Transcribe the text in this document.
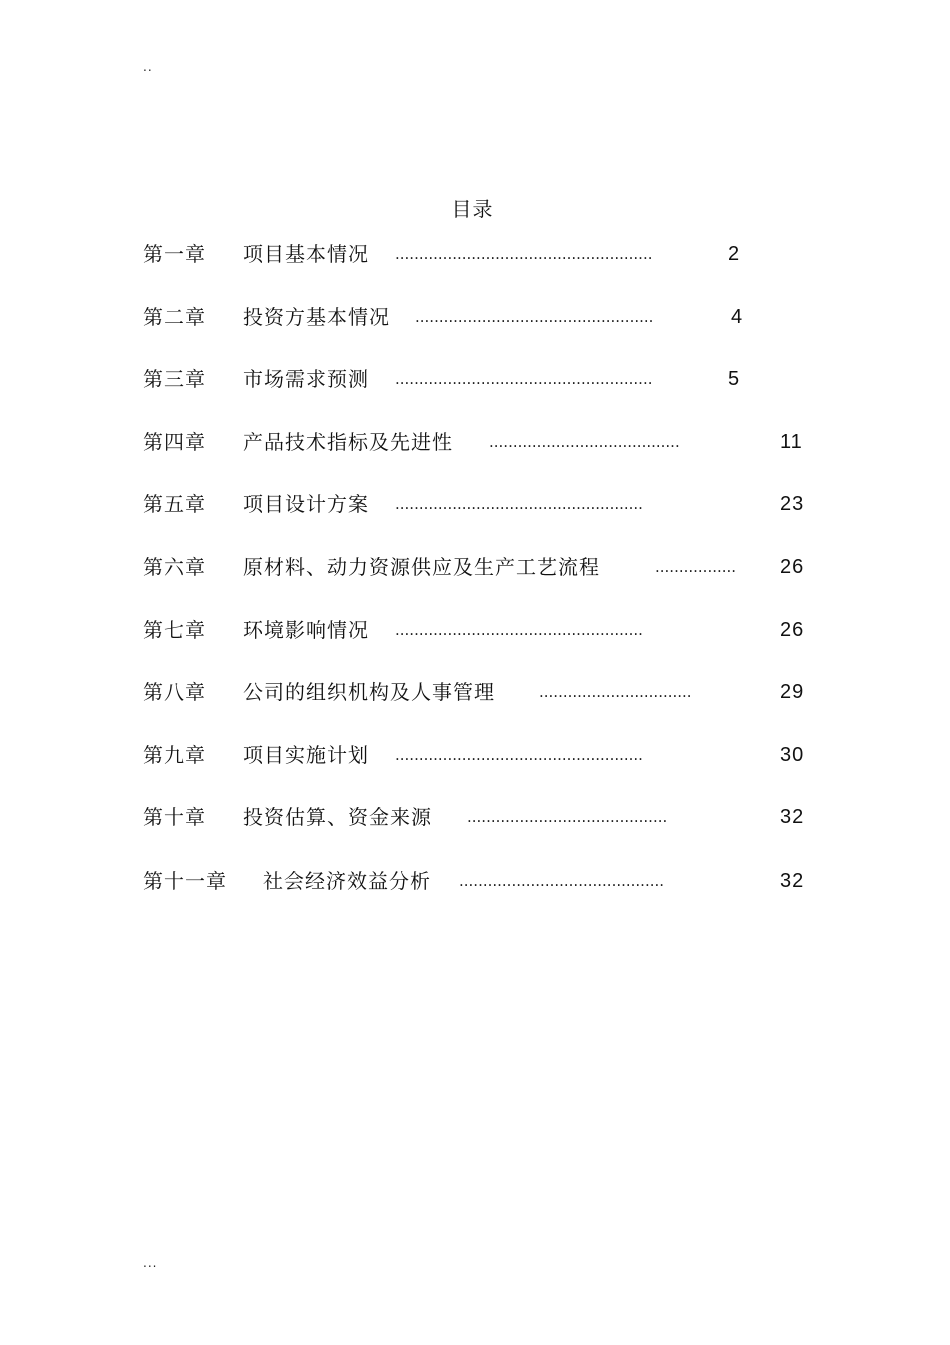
..
目录
第一章 项目基本情况 ......................................................	2
第二章 投资方基本情况 ..................................................	4
第三章 市场需求预测 ......................................................	5
第四章 产品技术指标及先进性 ........................................	11
第五章 项目设计方案 ....................................................	23
第六章 原材料、动力资源供应及生产工艺流程	.................	26
第七章 环境影响情况 ....................................................	26
第八章 公司的组织机构及人事管理	................................	29
第九章 项目实施计划 ....................................................	30
第十章 投资估算、资金来源 ..........................................	32
第十一章 社会经济效益分析 ...........................................	32
...
